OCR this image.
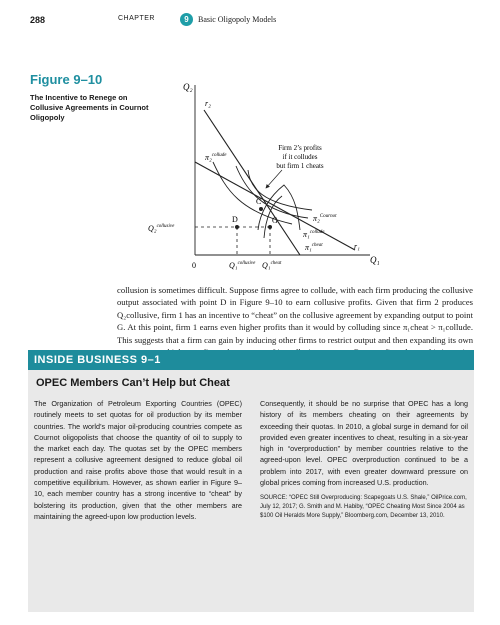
288	CHAPTER	9	Basic Oligopoly Models
Figure 9–10
The Incentive to Renege on Collusive Agreements in Cournot Oligopoly
Q₂
r₂
π₂$^{collude}$
Firm 2’s profits
if it colludes
but firm 1 cheats
C
D	G	π₂$^{Cournot}$
π₁$^{collude}$
π₁$^{cheat}$	r₁
Q₁
Q₂$^{collusive}$
0	Q₁$^{collusive}$ Q₁$^{cheat}$
collusion is sometimes difficult. Suppose firms agree to collude, with each firm producing the collusive output associated with point D in Figure 9–10 to earn collusive profits. Given that firm 2 produces Q₂collusive, firm 1 has an incentive to “cheat” on the collusive agreement by expanding output to point G. At this point, firm 1 earns even higher profits than it would by colluding since π₁cheat > π₁collude. This suggests that a firm can gain by inducing other firms to restrict output and then expanding its own
INSIDE BUSINESS 9–1
OPEC Members Can’t Help but Cheat
The Organization of Petroleum Exporting Countries (OPEC) routinely meets to set quotas for oil production by its member countries. The world’s major oil-producing countries compete as Cournot oligopolists that choose the quantity of oil to supply to the market each day. The quotas set by the OPEC members represent a collusive agreement designed to reduce global oil production and raise profits above those that would result in a competitive equilibrium. However, as shown earlier in Figure 9–10, each member country has a strong incentive to “cheat” by bolstering its production, given that the other members are maintaining the agreed-upon low production levels.
Consequently, it should be no surprise that OPEC has a long history of its members cheating on their agreements by exceeding their quotas. In 2010, a global surge in demand for oil provided even greater incentives to cheat, resulting in a six-year high in “overproduction” by member countries relative to the agreed-upon level. OPEC overproduction continued to be a problem into 2017, with even greater downward pressure on global prices coming from increased U.S. production.
SOURCE: “OPEC Still Overproducing: Scapegoats U.S. Shale,” OilPrice.com, July 12, 2017; G. Smith and M. Habiby, “OPEC Cheating Most Since 2004 as $100 Oil Heralds More Supply,” Bloomberg.com, December 13, 2010.
